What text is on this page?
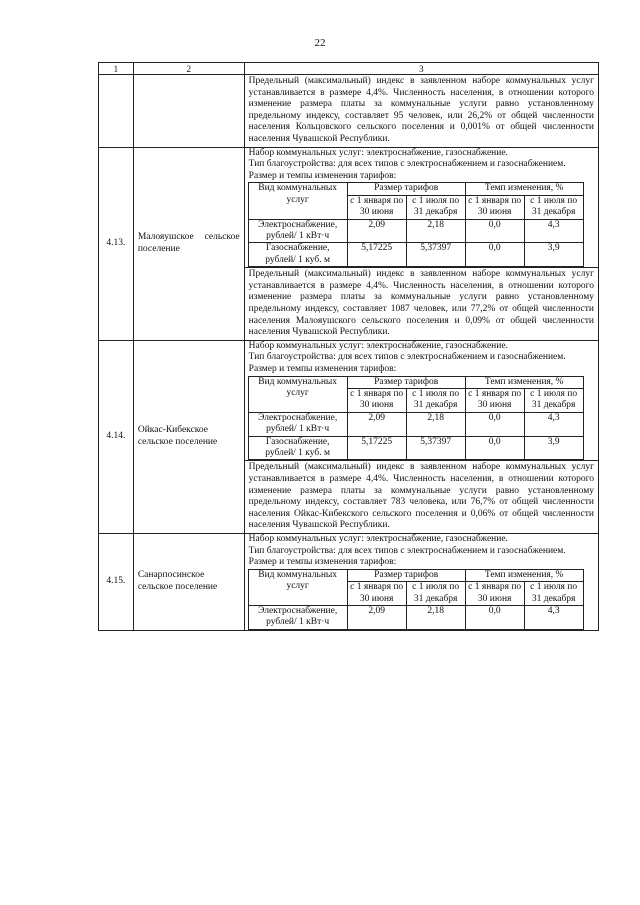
22
1	2	3

Предельный (максимальный) индекс в заявленном наборе коммунальных услуг устанавливается в размере 4,4%. Численность населения, в отношении которого изменение размера платы за коммунальные услуги равно установленному предельному индексу, составляет 95 человек, или 26,2% от общей численности населения Кольцовского сельского поселения и 0,001% от общей численности населения Чувашской Республики.

4.13.	Малояушское сельское поселение	
Набор коммунальных услуг: электроснабжение, газоснабжение.
Тип благоустройства: для всех типов с электроснабжением и газоснабжением.
Размер и темпы изменения тарифов:
Вид коммунальных услуг	Размер тарифов	Темп изменения, %
с 1 января по 30 июня	с 1 июля по 31 декабря	с 1 января по 30 июня	с 1 июля по 31 декабря
Электроснабжение, рублей/ 1 кВт·ч	2,09	2,18	0,0	4,3
Газоснабжение, рублей/ 1 куб. м	5,17225	5,37397	0,0	3,9
Предельный (максимальный) индекс в заявленном наборе коммунальных услуг устанавливается в размере 4,4%. Численность населения, в отношении которого изменение размера платы за коммунальные услуги равно установленному предельному индексу, составляет 1087 человек, или 77,2% от общей численности населения Малояушского сельского поселения и 0,09% от общей численности населения Чувашской Республики.

4.14.	Ойкас-Кибекское сельское поселение	
Набор коммунальных услуг: электроснабжение, газоснабжение.
Тип благоустройства: для всех типов с электроснабжением и газоснабжением.
Размер и темпы изменения тарифов:
Вид коммунальных услуг	Размер тарифов	Темп изменения, %
с 1 января по 30 июня	с 1 июля по 31 декабря	с 1 января по 30 июня	с 1 июля по 31 декабря
Электроснабжение, рублей/ 1 кВт·ч	2,09	2,18	0,0	4,3
Газоснабжение, рублей/ 1 куб. м	5,17225	5,37397	0,0	3,9
Предельный (максимальный) индекс в заявленном наборе коммунальных услуг устанавливается в размере 4,4%. Численность населения, в отношении которого изменение размера платы за коммунальные услуги равно установленному предельному индексу, составляет 783 человека, или 76,7% от общей численности населения Ойкас-Кибекского сельского поселения и 0,06% от общей численности населения Чувашской Республики.

4.15.	Санарпосинское сельское поселение	
Набор коммунальных услуг: электроснабжение, газоснабжение.
Тип благоустройства: для всех типов с электроснабжением и газоснабжением.
Размер и темпы изменения тарифов:
Вид коммунальных услуг	Размер тарифов	Темп изменения, %
с 1 января по 30 июня	с 1 июля по 31 декабря	с 1 января по 30 июня	с 1 июля по 31 декабря
Электроснабжение, рублей/ 1 кВт·ч	2,09	2,18	0,0	4,3
